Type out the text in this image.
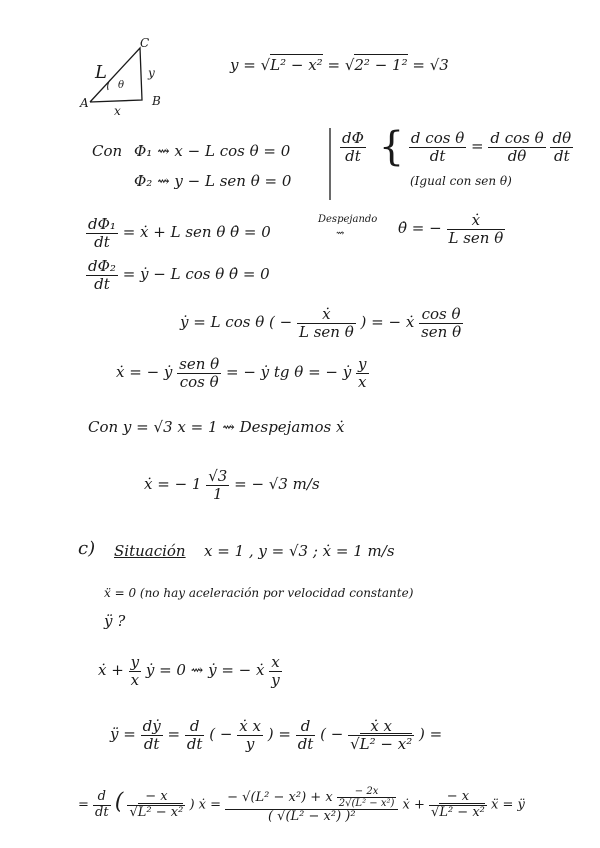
C
A	B
L	y
x
θ
y = √L² − x² = √2² − 1² = √3
Con Φ₁ ⇝ x − L cos θ = 0
Φ₂ ⇝ y − L sen θ = 0
$\frac{d\Phi}{dt}$ { $\frac{\text{d cos θ}}{dt} = \frac{\text{d cos θ}}{d\theta}$
$\frac{d\theta}{dt}$
(Igual con sen θ)
$\frac{\text{dΦ₁}}{dt}$ = ẋ + L sen θ θ̇ = 0
Despejando
⇝	θ̇ = − $\frac{\text{ẋ}}{\text{L sen θ}}$
$\frac{\text{dΦ₂}}{dt}$ = ẏ − L cos θ θ̇ = 0
ẏ = L cos θ ( − $\frac{\text{ẋ}}{\text{L sen θ}}$ ) = − ẋ $\frac{\text{cos θ}}{\text{sen θ}}$
ẋ = − ẏ $\frac{\text{sen θ}}{\text{cos θ}}$ = − ẏ tg θ = − ẏ $\frac{y}{x}$
Con y = √3 x = 1 ⇝ Despejamos ẋ
ẋ = − $1 \frac{√3}{1}$ = − √3 m/s
c) Situación x = 1 , y = √3 ; ẋ = 1 m/s
ẍ = 0 (no hay aceleración por velocidad constante)
ÿ ?
ẋ + $\frac{y}{x}$ ẏ = 0 ⇝ ẏ = − ẋ $\frac{x}{y}$
ÿ = $\frac{\text{dẏ}}{dt} = \frac{d}{dt}$ ( − $\frac{\text{ẋ x}}{y}$ ) = $\frac{d}{dt}$ ( − $\frac{\text{ẋ x}}{\text{√L² − x²}}$ ) =
= $\frac{d}{dt}$ ( $\frac{- x}{\text{√L² − x²}}$ ) ẋ = $\frac{- √(L^2 - x^2) + x \frac{- 2x}{\text{2√(L² − x²)}}}{\text{( √(L² − x²) )²}}$ ẋ + $\frac{- x}{\text{√L² − x²}}$ ẍ = ÿ
